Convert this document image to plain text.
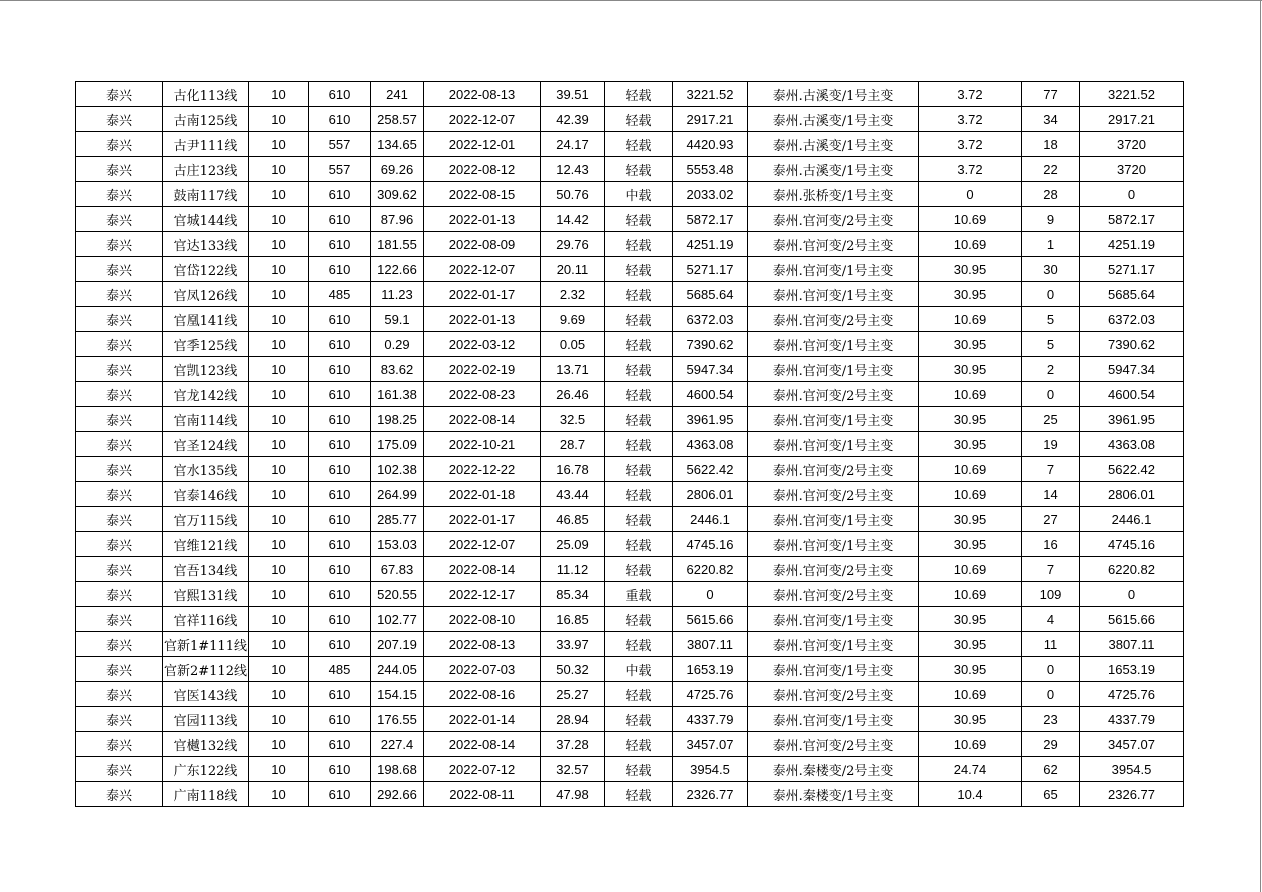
泰兴	古化113线	10	610	241	2022-08-13	39.51	轻载	3221.52	泰州.古溪变/1号主变	3.72	77	3221.52
泰兴	古南125线	10	610	258.57	2022-12-07	42.39	轻载	2917.21	泰州.古溪变/1号主变	3.72	34	2917.21
泰兴	古尹111线	10	557	134.65	2022-12-01	24.17	轻载	4420.93	泰州.古溪变/1号主变	3.72	18	3720
泰兴	古庄123线	10	557	69.26	2022-08-12	12.43	轻载	5553.48	泰州.古溪变/1号主变	3.72	22	3720
泰兴	鼓南117线	10	610	309.62	2022-08-15	50.76	中载	2033.02	泰州.张桥变/1号主变	0	28	0
泰兴	官城144线	10	610	87.96	2022-01-13	14.42	轻载	5872.17	泰州.官河变/2号主变	10.69	9	5872.17
泰兴	官达133线	10	610	181.55	2022-08-09	29.76	轻载	4251.19	泰州.官河变/2号主变	10.69	1	4251.19
泰兴	官岱122线	10	610	122.66	2022-12-07	20.11	轻载	5271.17	泰州.官河变/1号主变	30.95	30	5271.17
泰兴	官凤126线	10	485	11.23	2022-01-17	2.32	轻载	5685.64	泰州.官河变/1号主变	30.95	0	5685.64
泰兴	官凰141线	10	610	59.1	2022-01-13	9.69	轻载	6372.03	泰州.官河变/2号主变	10.69	5	6372.03
泰兴	官季125线	10	610	0.29	2022-03-12	0.05	轻载	7390.62	泰州.官河变/1号主变	30.95	5	7390.62
泰兴	官凯123线	10	610	83.62	2022-02-19	13.71	轻载	5947.34	泰州.官河变/1号主变	30.95	2	5947.34
泰兴	官龙142线	10	610	161.38	2022-08-23	26.46	轻载	4600.54	泰州.官河变/2号主变	10.69	0	4600.54
泰兴	官南114线	10	610	198.25	2022-08-14	32.5	轻载	3961.95	泰州.官河变/1号主变	30.95	25	3961.95
泰兴	官圣124线	10	610	175.09	2022-10-21	28.7	轻载	4363.08	泰州.官河变/1号主变	30.95	19	4363.08
泰兴	官水135线	10	610	102.38	2022-12-22	16.78	轻载	5622.42	泰州.官河变/2号主变	10.69	7	5622.42
泰兴	官泰146线	10	610	264.99	2022-01-18	43.44	轻载	2806.01	泰州.官河变/2号主变	10.69	14	2806.01
泰兴	官万115线	10	610	285.77	2022-01-17	46.85	轻载	2446.1	泰州.官河变/1号主变	30.95	27	2446.1
泰兴	官维121线	10	610	153.03	2022-12-07	25.09	轻载	4745.16	泰州.官河变/1号主变	30.95	16	4745.16
泰兴	官吾134线	10	610	67.83	2022-08-14	11.12	轻载	6220.82	泰州.官河变/2号主变	10.69	7	6220.82
泰兴	官熙131线	10	610	520.55	2022-12-17	85.34	重载	0	泰州.官河变/2号主变	10.69	109	0
泰兴	官祥116线	10	610	102.77	2022-08-10	16.85	轻载	5615.66	泰州.官河变/1号主变	30.95	4	5615.66
泰兴	官新1#111线	10	610	207.19	2022-08-13	33.97	轻载	3807.11	泰州.官河变/1号主变	30.95	11	3807.11
泰兴	官新2#112线	10	485	244.05	2022-07-03	50.32	中载	1653.19	泰州.官河变/1号主变	30.95	0	1653.19
泰兴	官医143线	10	610	154.15	2022-08-16	25.27	轻载	4725.76	泰州.官河变/2号主变	10.69	0	4725.76
泰兴	官园113线	10	610	176.55	2022-01-14	28.94	轻载	4337.79	泰州.官河变/1号主变	30.95	23	4337.79
泰兴	官樾132线	10	610	227.4	2022-08-14	37.28	轻载	3457.07	泰州.官河变/2号主变	10.69	29	3457.07
泰兴	广东122线	10	610	198.68	2022-07-12	32.57	轻载	3954.5	泰州.秦楼变/2号主变	24.74	62	3954.5
泰兴	广南118线	10	610	292.66	2022-08-11	47.98	轻载	2326.77	泰州.秦楼变/1号主变	10.4	65	2326.77
